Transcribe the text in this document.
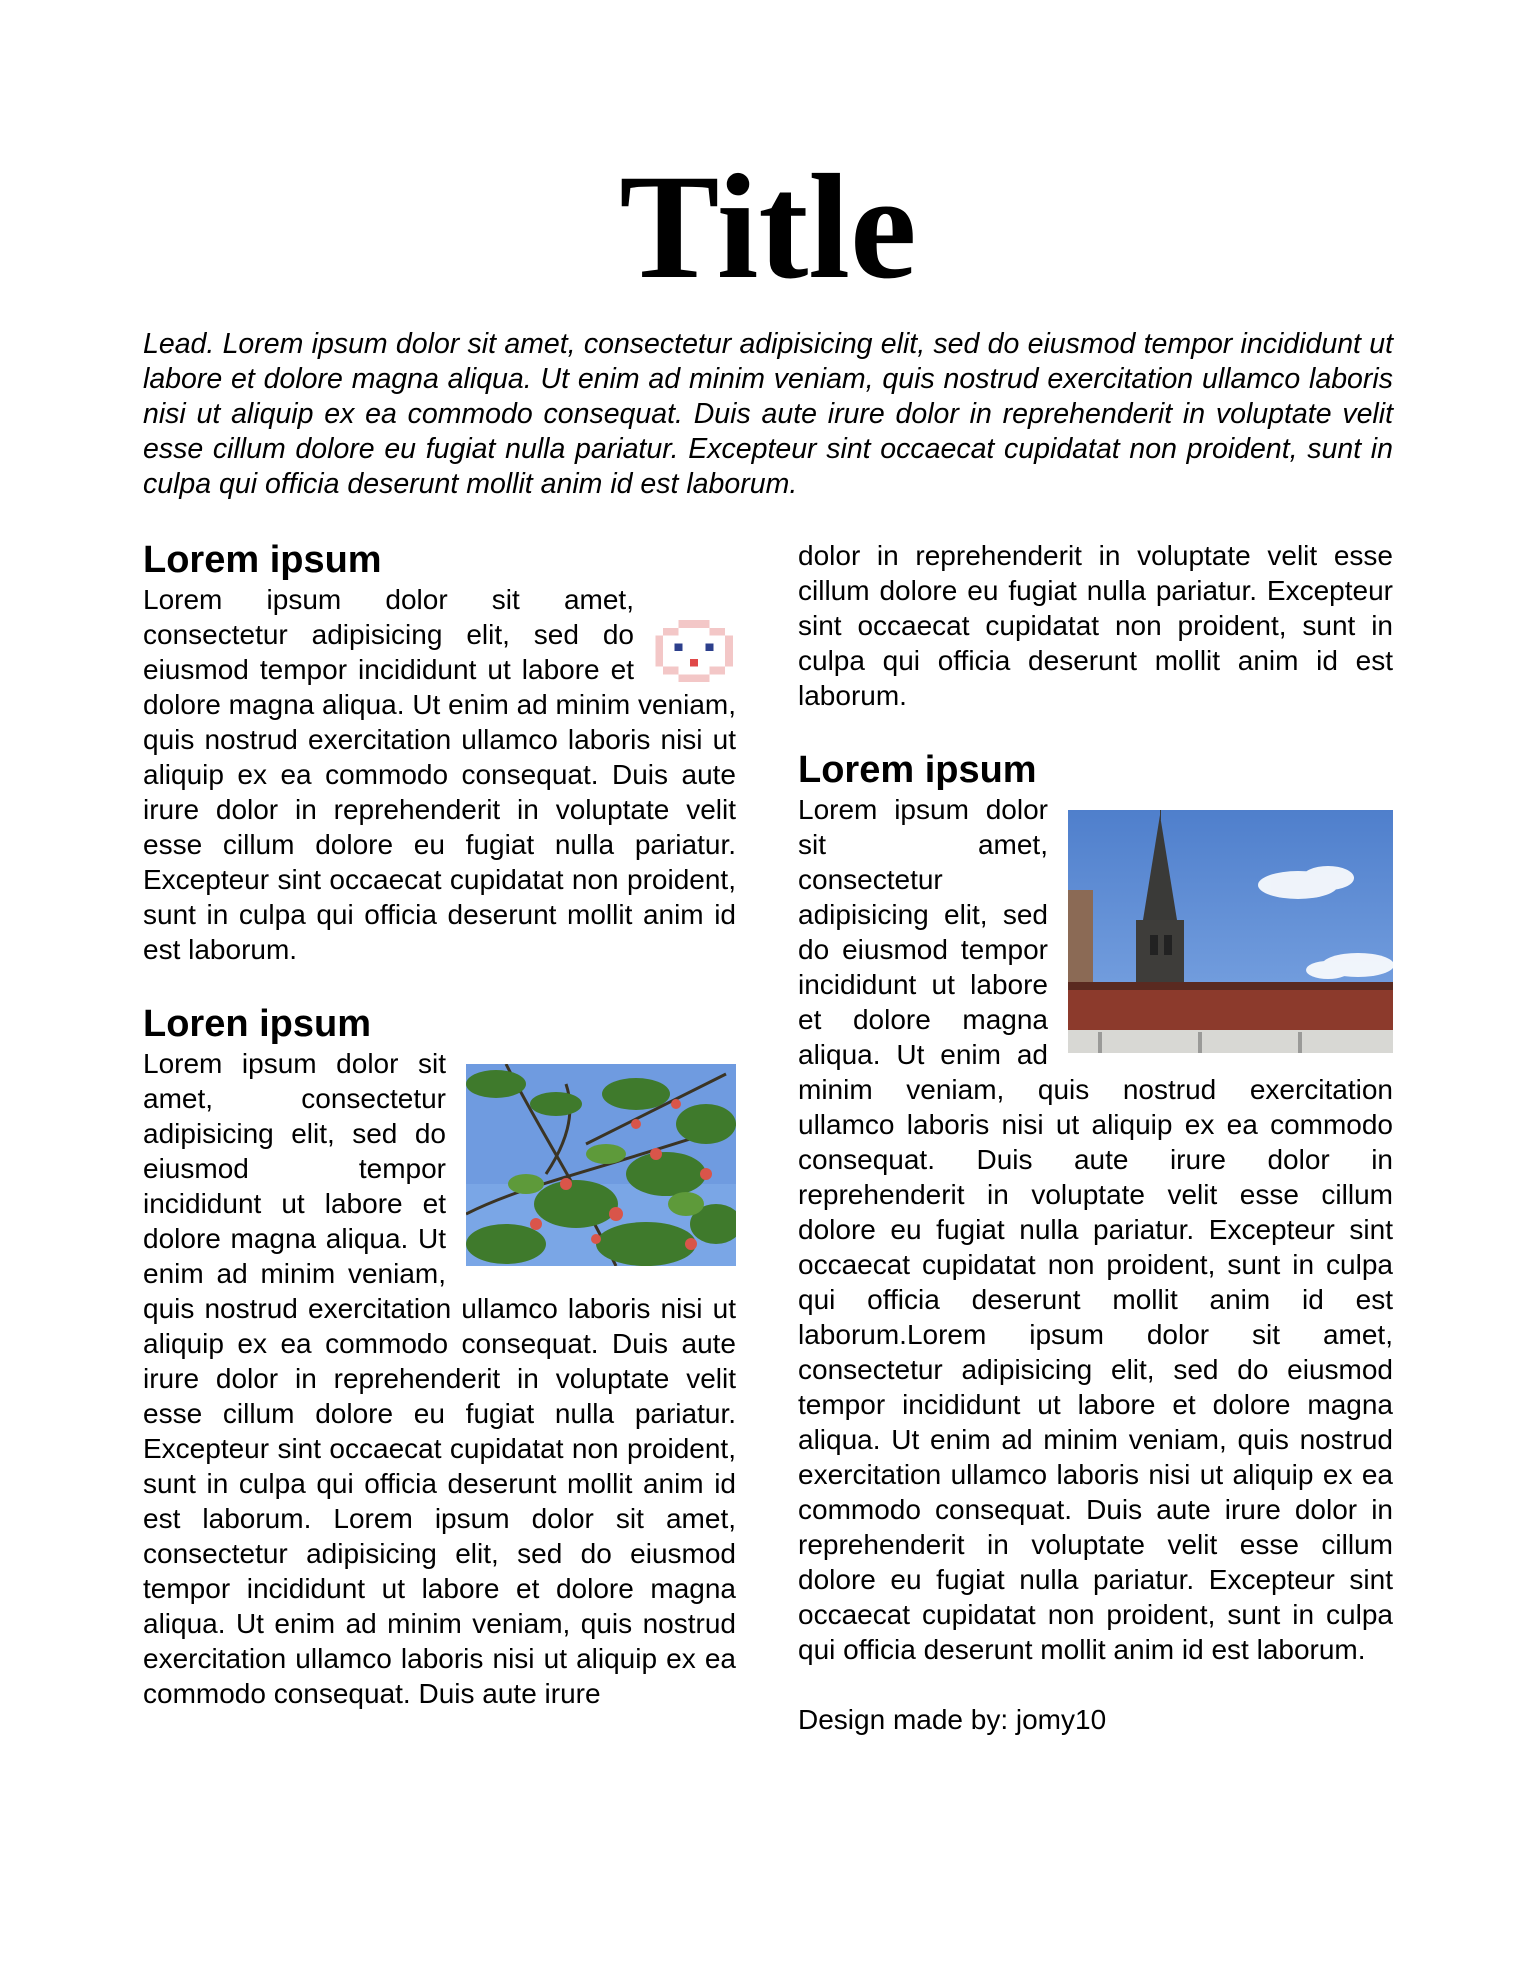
Title

Lead. Lorem ipsum dolor sit amet, consectetur adipisicing elit, sed do eiusmod tempor incididunt ut labore et dolore magna aliqua. Ut enim ad minim veniam, quis nostrud exercitation ullamco laboris nisi ut aliquip ex ea commodo consequat. Duis aute irure dolor in reprehenderit in voluptate velit esse cillum dolore eu fugiat nulla pariatur. Excepteur sint occaecat cupidatat non proident, sunt in culpa qui officia deserunt mollit anim id est laborum.

Lorem ipsum

Lorem ipsum dolor sit amet, consectetur adipisicing elit, sed do eiusmod tempor incididunt ut labore et dolore magna aliqua. Ut enim ad minim veniam, quis nostrud exercitation ullamco laboris nisi ut aliquip ex ea commodo consequat. Duis aute irure dolor in reprehenderit in voluptate velit esse cillum dolore eu fugiat nulla pariatur. Excepteur sint occaecat cupidatat non proident, sunt in culpa qui officia deserunt mollit anim id est laborum.

Loren ipsum

Lorem ipsum dolor sit amet, consectetur adipisicing elit, sed do eiusmod tempor incididunt ut labore et dolore magna aliqua. Ut enim ad minim veniam, quis nostrud exercitation ullamco laboris nisi ut aliquip ex ea commodo consequat. Duis aute irure dolor in reprehenderit in voluptate velit esse cillum dolore eu fugiat nulla pariatur. Excepteur sint occaecat cupidatat non proident, sunt in culpa qui officia deserunt mollit anim id est laborum. Lorem ipsum dolor sit amet, consectetur adipisicing elit, sed do eiusmod tempor incididunt ut labore et dolore magna aliqua. Ut enim ad minim veniam, quis nostrud exercitation ullamco laboris nisi ut aliquip ex ea commodo consequat. Duis aute irure

dolor in reprehenderit in voluptate velit esse cillum dolore eu fugiat nulla pariatur. Excepteur sint occaecat cupidatat non proident, sunt in culpa qui officia deserunt mollit anim id est laborum.

Lorem ipsum

Lorem ipsum dolor sit amet, consectetur adipisicing elit, sed do eiusmod tempor incididunt ut labore et dolore magna aliqua. Ut enim ad minim veniam, quis nostrud exercitation ullamco laboris nisi ut aliquip ex ea commodo consequat. Duis aute irure dolor in reprehenderit in voluptate velit esse cillum dolore eu fugiat nulla pariatur. Excepteur sint occaecat cupidatat non proident, sunt in culpa qui officia deserunt mollit anim id est laborum.Lorem ipsum dolor sit amet, consectetur adipisicing elit, sed do eiusmod tempor incididunt ut labore et dolore magna aliqua. Ut enim ad minim veniam, quis nostrud exercitation ullamco laboris nisi ut aliquip ex ea commodo consequat. Duis aute irure dolor in reprehenderit in voluptate velit esse cillum dolore eu fugiat nulla pariatur. Excepteur sint occaecat cupidatat non proident, sunt in culpa qui officia deserunt mollit anim id est laborum.

Design made by: jomy10
